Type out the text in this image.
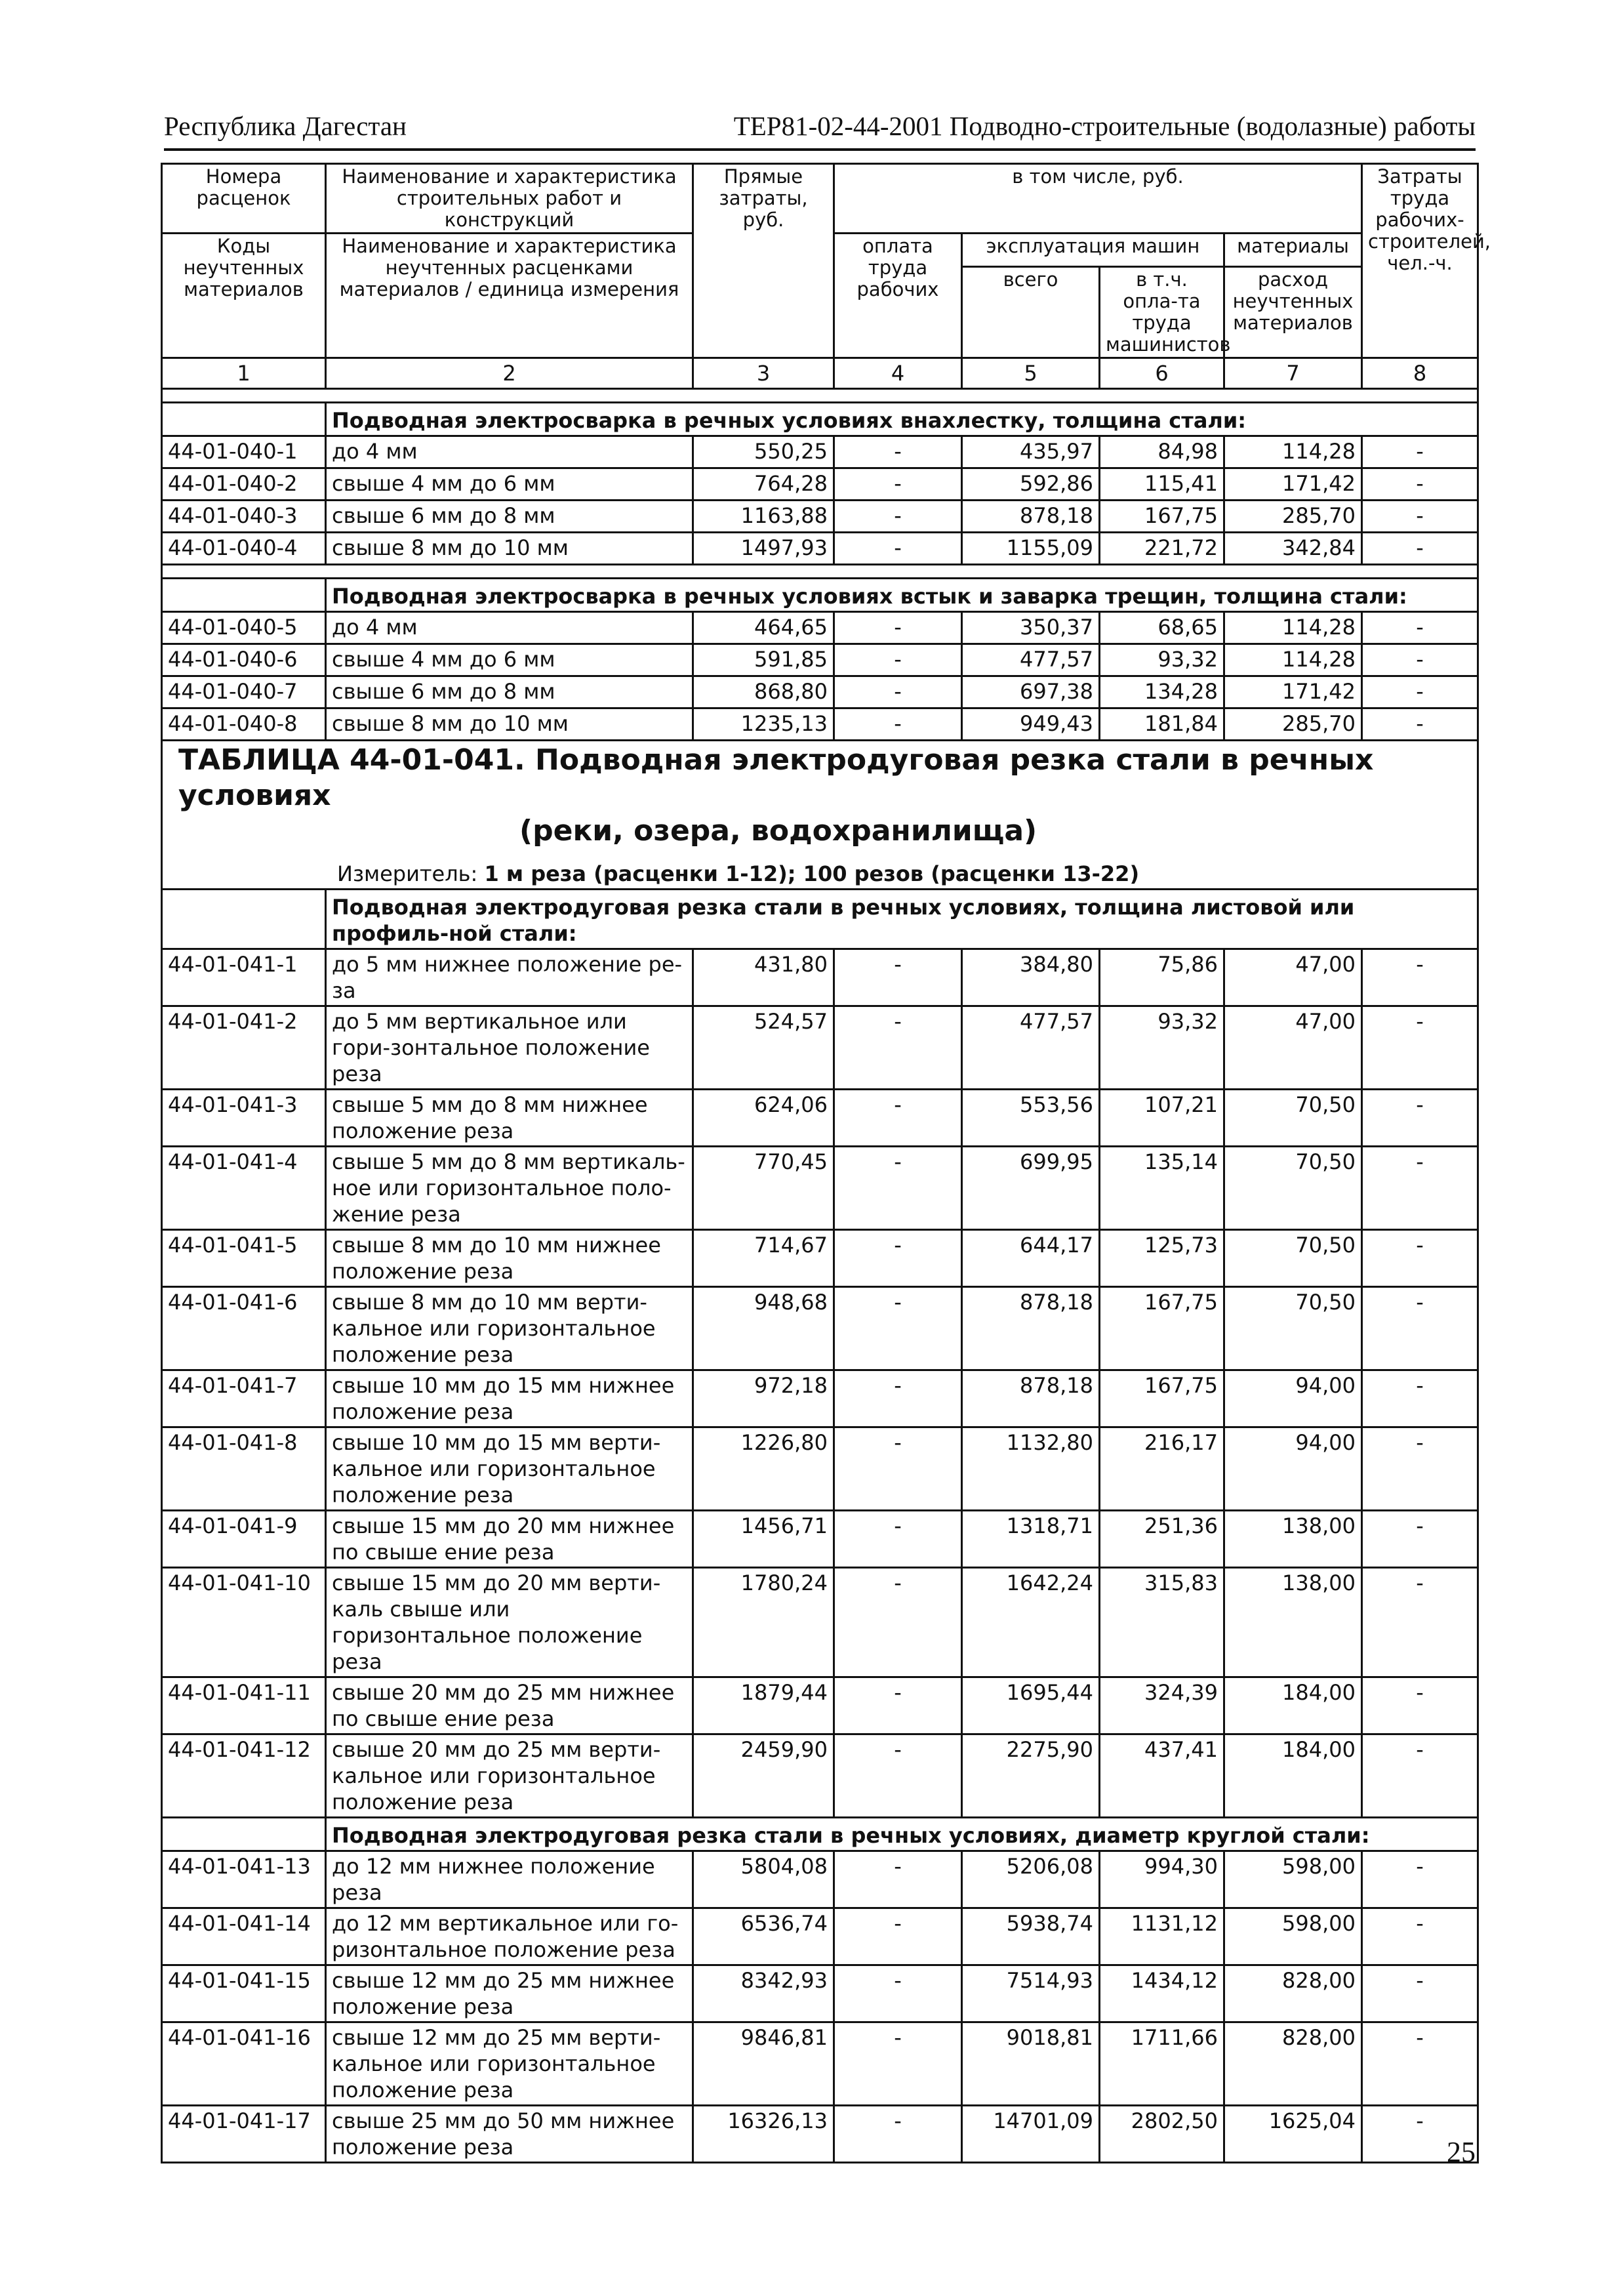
Республика Дагестан	ТЕР81-02-44-2001 Подводно-строительные (водолазные) работы
Номера расценок	Наименование и характеристика строительных работ и конструкций	Прямые затраты, руб.	в том числе, руб.				Затраты труда рабочих-строителей, чел.-ч.
Коды неучтенных материалов	Наименование и характеристика неучтенных расценками материалов / единица измерения		оплата труда рабочих	эксплуатация машин		материалы	
				всего	в т.ч. опла-та труда машинистов	расход неучтенных материалов	
1	2	3	4	5	6	7	8

	Подводная электросварка в речных условиях внахлестку, толщина стали:						
44-01-040-1	до 4 мм	550,25	-	435,97	84,98	114,28	-
44-01-040-2	свыше 4 мм до 6 мм	764,28	-	592,86	115,41	171,42	-
44-01-040-3	свыше 6 мм до 8 мм	1163,88	-	878,18	167,75	285,70	-
44-01-040-4	свыше 8 мм до 10 мм	1497,93	-	1155,09	221,72	342,84	-

	Подводная электросварка в речных условиях встык и заварка трещин, толщина стали:						
44-01-040-5	до 4 мм	464,65	-	350,37	68,65	114,28	-
44-01-040-6	свыше 4 мм до 6 мм	591,85	-	477,57	93,32	114,28	-
44-01-040-7	свыше 6 мм до 8 мм	868,80	-	697,38	134,28	171,42	-
44-01-040-8	свыше 8 мм до 10 мм	1235,13	-	949,43	181,84	285,70	-

ТАБЛИЦА 44-01-041. Подводная электродуговая резка стали в речных условиях
(реки, озера, водохранилища)
Измеритель: 1 м реза (расценки 1-12); 100 резов (расценки 13-22)							

	Подводная электродуговая резка стали в речных условиях, толщина листовой или профиль-ной стали:						
44-01-041-1	до 5 мм нижнее положение ре-за	431,80	-	384,80	75,86	47,00	-
44-01-041-2	до 5 мм вертикальное или гори-зонтальное положение реза	524,57	-	477,57	93,32	47,00	-
44-01-041-3	свыше 5 мм до 8 мм нижнее положение реза	624,06	-	553,56	107,21	70,50	-
44-01-041-4	свыше 5 мм до 8 мм вертикаль-ное или горизонтальное поло-жение реза	770,45	-	699,95	135,14	70,50	-
44-01-041-5	свыше 8 мм до 10 мм нижнее положение реза	714,67	-	644,17	125,73	70,50	-
44-01-041-6	свыше 8 мм до 10 мм верти-кальное или горизонтальное положение реза	948,68	-	878,18	167,75	70,50	-
44-01-041-7	свыше 10 мм до 15 мм нижнее положение реза	972,18	-	878,18	167,75	94,00	-
44-01-041-8	свыше 10 мм до 15 мм верти-кальное или горизонтальное положение реза	1226,80	-	1132,80	216,17	94,00	-
44-01-041-9	свыше 15 мм до 20 мм нижнее по свыше ение реза	1456,71	-	1318,71	251,36	138,00	-
44-01-041-10	свыше 15 мм до 20 мм верти-каль свыше или горизонтальное положение реза	1780,24	-	1642,24	315,83	138,00	-
44-01-041-11	свыше 20 мм до 25 мм нижнее по свыше ение реза	1879,44	-	1695,44	324,39	184,00	-
44-01-041-12	свыше 20 мм до 25 мм верти-кальное или горизонтальное положение реза	2459,90	-	2275,90	437,41	184,00	-
	Подводная электродуговая резка стали в речных условиях, диаметр круглой стали:						
44-01-041-13	до 12 мм нижнее положение реза	5804,08	-	5206,08	994,30	598,00	-
44-01-041-14	до 12 мм вертикальное или го-ризонтальное положение реза	6536,74	-	5938,74	1131,12	598,00	-
44-01-041-15	свыше 12 мм до 25 мм нижнее положение реза	8342,93	-	7514,93	1434,12	828,00	-
44-01-041-16	свыше 12 мм до 25 мм верти-кальное или горизонтальное положение реза	9846,81	-	9018,81	1711,66	828,00	-
44-01-041-17	свыше 25 мм до 50 мм нижнее положение реза	16326,13	-	14701,09	2802,50	1625,04	-
25
